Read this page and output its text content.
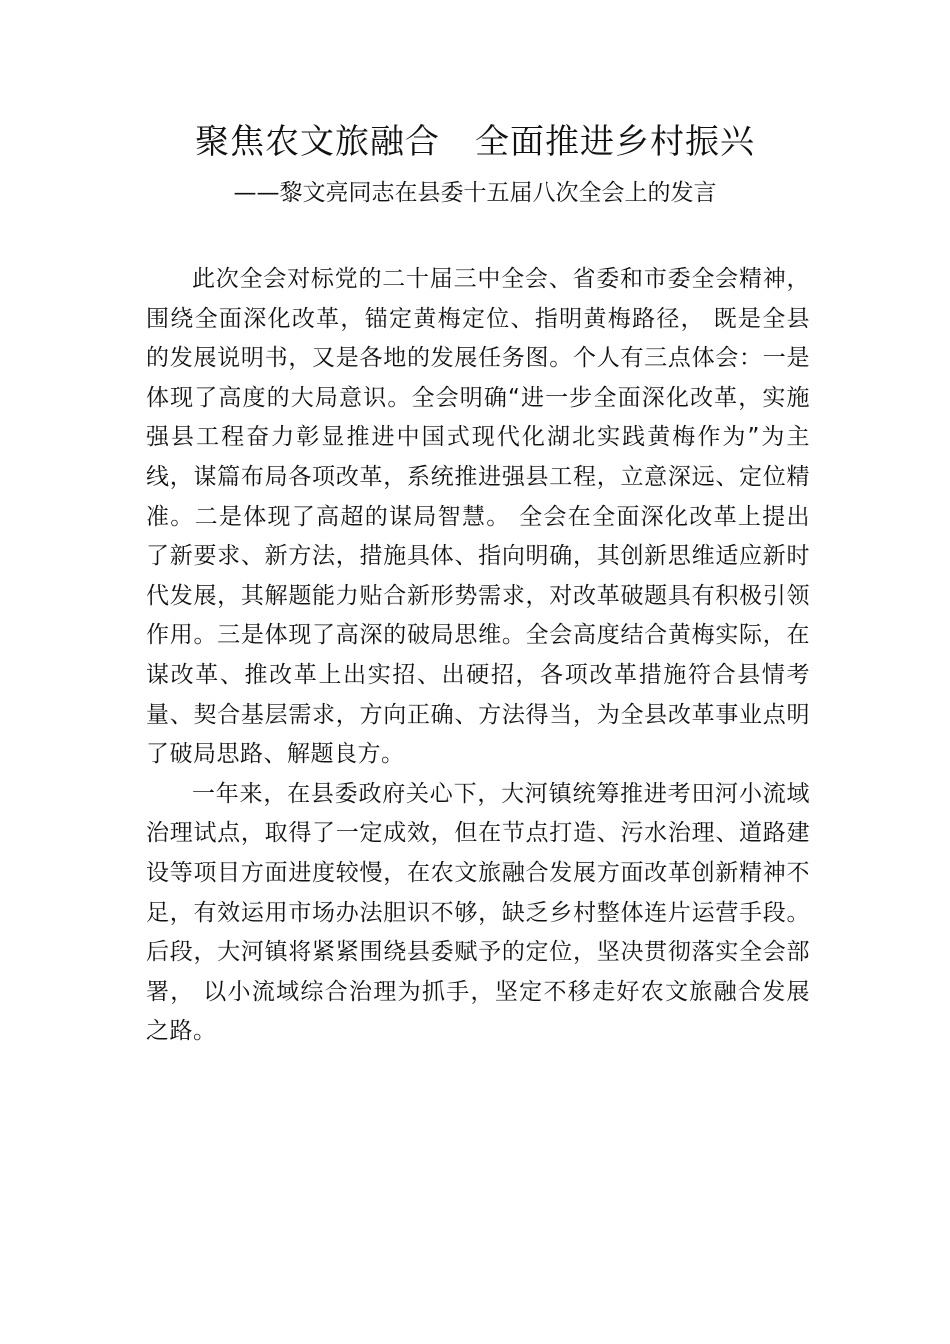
聚焦农文旅融合　全面推进乡村振兴
——黎文亮同志在县委十五届八次全会上的发言

此次全会对标党的二十届三中全会、省委和市委全会精神，围绕全面深化改革，锚定黄梅定位、指明黄梅路径， 既是全县的发展说明书，又是各地的发展任务图。个人有三点体会：一是体现了高度的大局意识。全会明确“进一步全面深化改革，实施强县工程奋力彰显推进中国式现代化湖北实践黄梅作为”为主线，谋篇布局各项改革，系统推进强县工程，立意深远、定位精准。二是体现了高超的谋局智慧。 全会在全面深化改革上提出了新要求、新方法，措施具体、指向明确，其创新思维适应新时代发展，其解题能力贴合新形势需求，对改革破题具有积极引领作用。三是体现了高深的破局思维。全会高度结合黄梅实际，在谋改革、推改革上出实招、出硬招，各项改革措施符合县情考量、契合基层需求，方向正确、方法得当，为全县改革事业点明了破局思路、解题良方。

一年来，在县委政府关心下，大河镇统筹推进考田河小流域治理试点，取得了一定成效，但在节点打造、污水治理、道路建设等项目方面进度较慢，在农文旅融合发展方面改革创新精神不足，有效运用市场办法胆识不够，缺乏乡村整体连片运营手段。后段，大河镇将紧紧围绕县委赋予的定位，坚决贯彻落实全会部署， 以小流域综合治理为抓手，坚定不移走好农文旅融合发展之路。
